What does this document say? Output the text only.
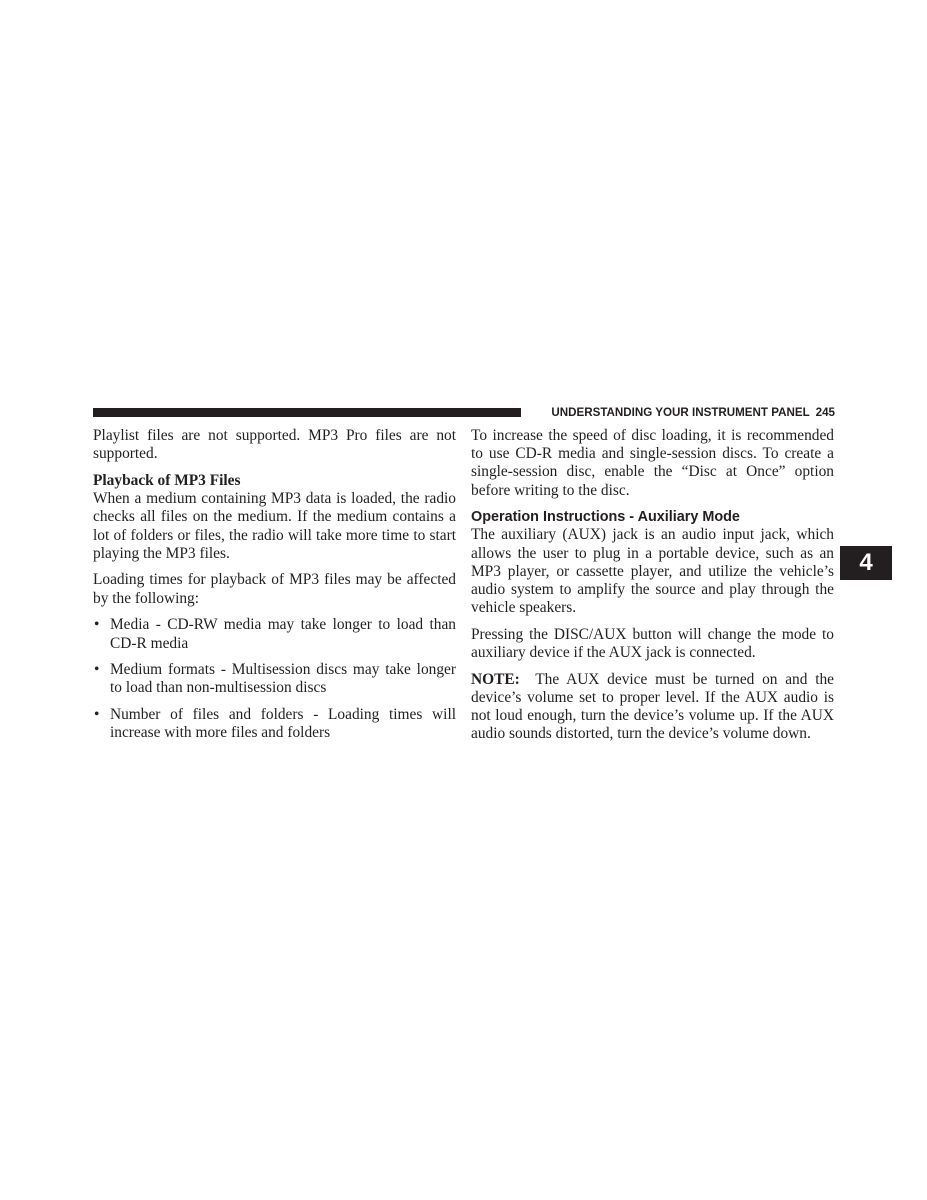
UNDERSTANDING YOUR INSTRUMENT PANEL 245
4

Playlist files are not supported. MP3 Pro files are not supported.

Playback of MP3 Files

When a medium containing MP3 data is loaded, the radio checks all files on the medium. If the medium contains a lot of folders or files, the radio will take more time to start playing the MP3 files.

Loading times for playback of MP3 files may be affected by the following:

• Media - CD-RW media may take longer to load than CD-R media
• Medium formats - Multisession discs may take longer to load than non-multisession discs
• Number of files and folders - Loading times will increase with more files and folders

To increase the speed of disc loading, it is recommended to use CD-R media and single-session discs. To create a single-session disc, enable the “Disc at Once” option before writing to the disc.

Operation Instructions - Auxiliary Mode

The auxiliary (AUX) jack is an audio input jack, which allows the user to plug in a portable device, such as an MP3 player, or cassette player, and utilize the vehicle’s audio system to amplify the source and play through the vehicle speakers.

Pressing the DISC/AUX button will change the mode to auxiliary device if the AUX jack is connected.

NOTE: The AUX device must be turned on and the device’s volume set to proper level. If the AUX audio is not loud enough, turn the device’s volume up. If the AUX audio sounds distorted, turn the device’s volume down.
